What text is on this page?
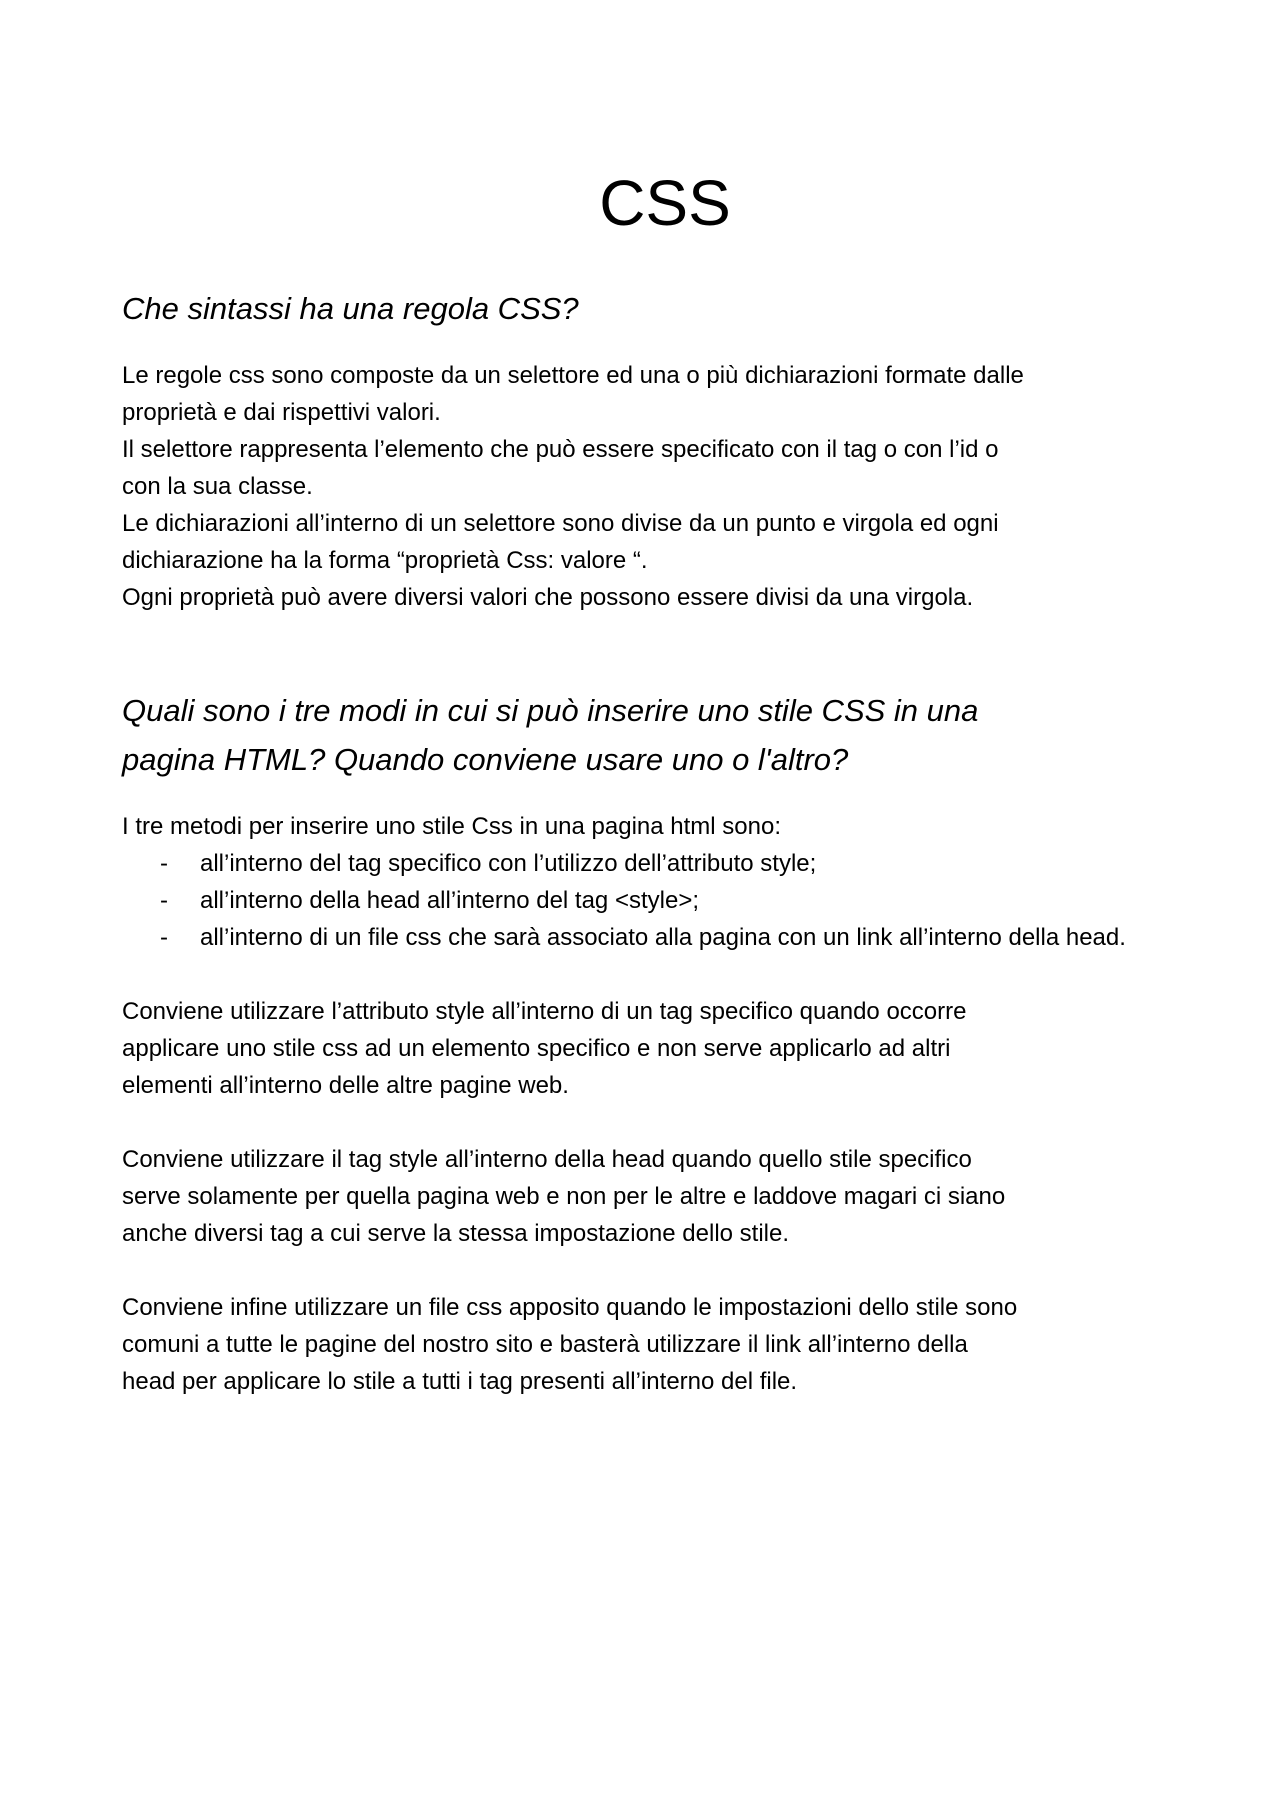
CSS
Che sintassi ha una regola CSS?
Le regole css sono composte da un selettore ed una o più dichiarazioni formate dalle
proprietà e dai rispettivi valori.
Il selettore rappresenta l’elemento che può essere specificato con il tag o con l’id o
con la sua classe.
Le dichiarazioni all’interno di un selettore sono divise da un punto e virgola ed ogni
dichiarazione ha la forma “proprietà Css: valore “.
Ogni proprietà può avere diversi valori che possono essere divisi da una virgola.
Quali sono i tre modi in cui si può inserire uno stile CSS in una
pagina HTML? Quando conviene usare uno o l'altro?
I tre metodi per inserire uno stile Css in una pagina html sono:
- all’interno del tag specifico con l’utilizzo dell’attributo style;
- all’interno della head all’interno del tag <style>;
- all’interno di un file css che sarà associato alla pagina con un link all’interno della head.
Conviene utilizzare l’attributo style all’interno di un tag specifico quando occorre
applicare uno stile css ad un elemento specifico e non serve applicarlo ad altri
elementi all’interno delle altre pagine web.
Conviene utilizzare il tag style all’interno della head quando quello stile specifico
serve solamente per quella pagina web e non per le altre e laddove magari ci siano
anche diversi tag a cui serve la stessa impostazione dello stile.
Conviene infine utilizzare un file css apposito quando le impostazioni dello stile sono
comuni a tutte le pagine del nostro sito e basterà utilizzare il link all’interno della
head per applicare lo stile a tutti i tag presenti all’interno del file.
